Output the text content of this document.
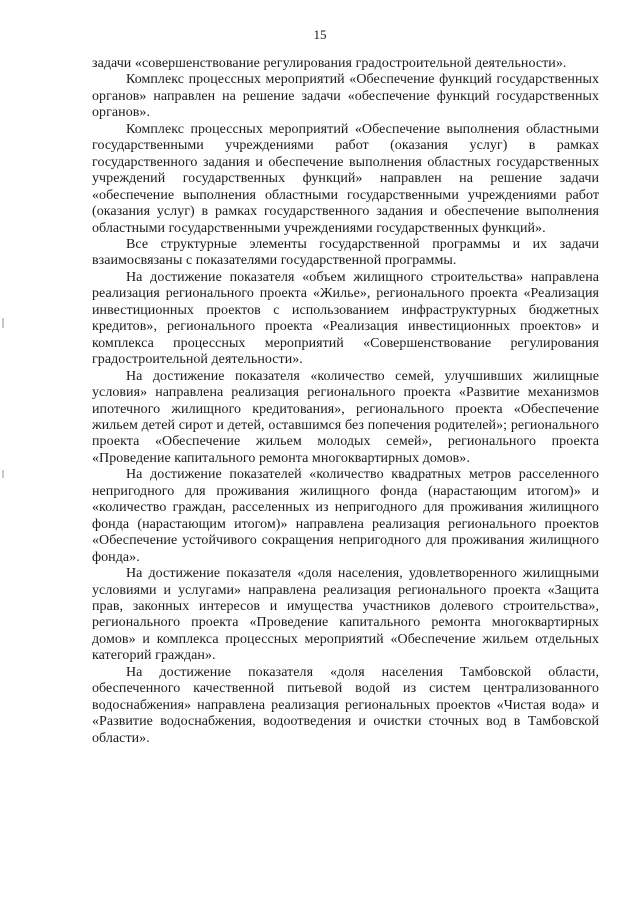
15

задачи «совершенствование регулирования градостроительной деятельности».

Комплекс процессных мероприятий «Обеспечение функций государственных органов» направлен на решение задачи «обеспечение функций государственных органов».

Комплекс процессных мероприятий «Обеспечение выполнения областными государственными учреждениями работ (оказания услуг) в рамках государственного задания и обеспечение выполнения областных государственных учреждений государственных функций» направлен на решение задачи «обеспечение выполнения областными государственными учреждениями работ (оказания услуг) в рамках государственного задания и обеспечение выполнения областными государственными учреждениями государственных функций».

Все структурные элементы государственной программы и их задачи взаимосвязаны с показателями государственной программы.

На достижение показателя «объем жилищного строительства» направлена реализация регионального проекта «Жилье», регионального проекта «Реализация инвестиционных проектов с использованием инфраструктурных бюджетных кредитов», регионального проекта «Реализация инвестиционных проектов» и комплекса процессных мероприятий «Совершенствование регулирования градостроительной деятельности».

На достижение показателя «количество семей, улучшивших жилищные условия» направлена реализация регионального проекта «Развитие механизмов ипотечного жилищного кредитования», регионального проекта «Обеспечение жильем детей сирот и детей, оставшимся без попечения родителей»; регионального проекта «Обеспечение жильем молодых семей», регионального проекта «Проведение капитального ремонта многоквартирных домов».

На достижение показателей «количество квадратных метров расселенного непригодного для проживания жилищного фонда (нарастающим итогом)» и «количество граждан, расселенных из непригодного для проживания жилищного фонда (нарастающим итогом)» направлена реализация регионального проектов «Обеспечение устойчивого сокращения непригодного для проживания жилищного фонда».

На достижение показателя «доля населения, удовлетворенного жилищными условиями и услугами» направлена реализация регионального проекта «Защита прав, законных интересов и имущества участников долевого строительства», регионального проекта «Проведение капитального ремонта многоквартирных домов» и комплекса процессных мероприятий «Обеспечение жильем отдельных категорий граждан».

На достижение показателя «доля населения Тамбовской области, обеспеченного качественной питьевой водой из систем централизованного водоснабжения» направлена реализация региональных проектов «Чистая вода» и «Развитие водоснабжения, водоотведения и очистки сточных вод в Тамбовской области».
